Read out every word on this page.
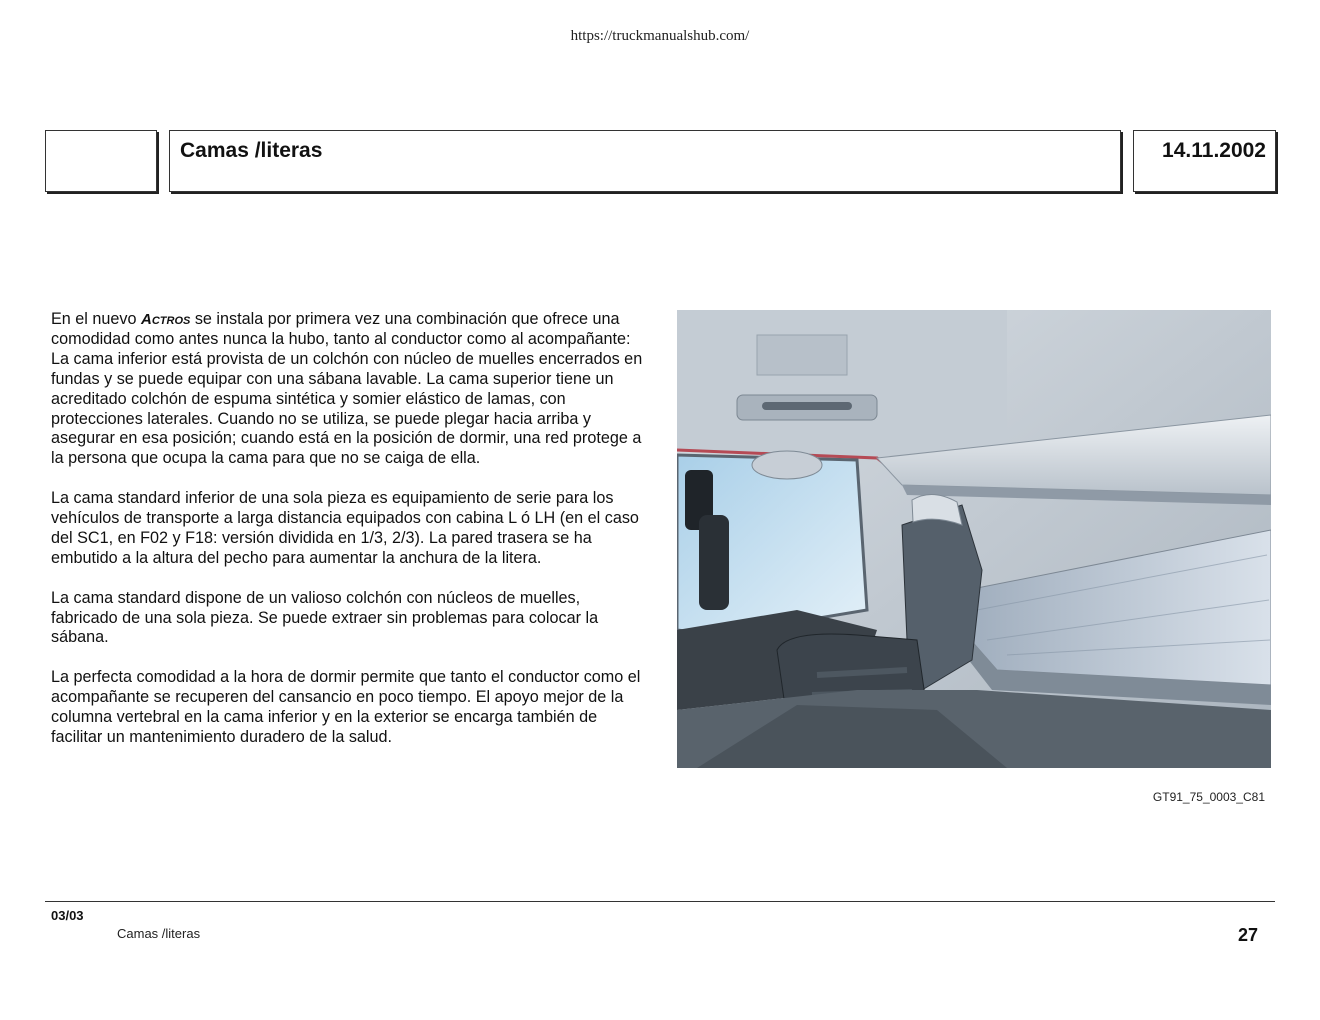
https://truckmanualshub.com/
Camas /literas	14.11.2002

En el nuevo Actros se instala por primera vez una combinación que ofrece una comodidad como antes nunca la hubo, tanto al conductor como al acompañante: La cama inferior está provista de un colchón con núcleo de muelles encerrados en fundas y se puede equipar con una sábana lavable. La cama superior tiene un acreditado colchón de espuma sintética y somier elástico de lamas, con protecciones laterales. Cuando no se utiliza, se puede plegar hacia arriba y asegurar en esa posición; cuando está en la posición de dormir, una red protege a la persona que ocupa la cama para que no se caiga de ella.

La cama standard inferior de una sola pieza es equipamiento de serie para los vehículos de transporte a larga distancia equipados con cabina L ó LH (en el caso del SC1, en F02 y F18: versión dividida en 1/3, 2/3). La pared trasera se ha embutido a la altura del pecho para aumentar la anchura de la litera.

La cama standard dispone de un valioso colchón con núcleos de muelles, fabricado de una sola pieza. Se puede extraer sin problemas para colocar la sábana.

La perfecta comodidad a la hora de dormir permite que tanto el conductor como el acompañante se recuperen del cansancio en poco tiempo. El apoyo mejor de la columna vertebral en la cama inferior y en la exterior se encarga también de facilitar un mantenimiento duradero de la salud.

GT91_75_0003_C81
03/03
Camas /literas	27
